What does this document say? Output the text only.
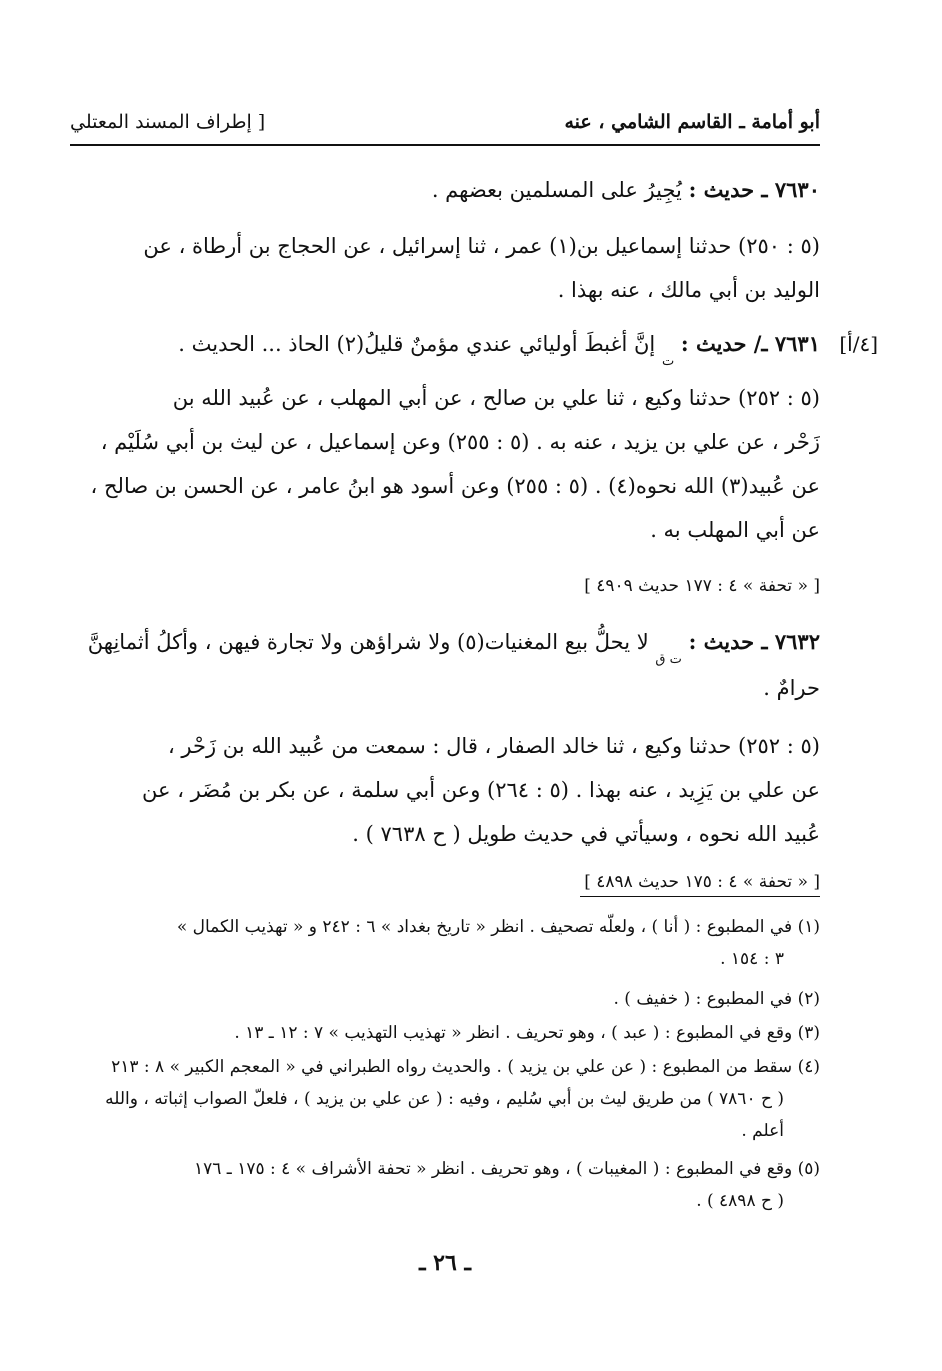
أبو أمامة ـ القاسم الشامي ، عنه
[ إطراف المسند المعتلي
٧٦٣٠ ـ حديث : يُجِيرُ على المسلمين بعضهم .
(٥ : ٢٥٠) حدثنا إسماعيل بن(١) عمر ، ثنا إسرائيل ، عن الحجاج بن أرطاة ، عن
الوليد بن أبي مالك ، عنه بهذا .
[٤/أ]
٧٦٣١ ـ/ حديث : $_ت$ إنَّ أغبطَ أوليائي عندي مؤمنٌ قليلُ(٢) الحاذ ... الحديث .
(٥ : ٢٥٢) حدثنا وكيع ، ثنا علي بن صالح ، عن أبي المهلب ، عن عُبيد الله بن
زَحْر ، عن علي بن يزيد ، عنه به . (٥ : ٢٥٥) وعن إسماعيل ، عن ليث بن أبي سُلَيْم ،
عن عُبيد(٣) الله نحوه(٤) . (٥ : ٢٥٥) وعن أسود هو ابنُ عامر ، عن الحسن بن صالح ،
عن أبي المهلب به .
[ « تحفة » ٤ : ١٧٧ حديث ٤٩٠٩ ]
٧٦٣٢ ـ حديث : $_{ت ق}$ لا يحلُّ بيع المغنيات(٥) ولا شراؤهن ولا تجارة فيهن ، وأكلُ أثمانِهنَّ
حرامٌ .
(٥ : ٢٥٢) حدثنا وكيع ، ثنا خالد الصفار ، قال : سمعت من عُبيد الله بن زَحْر ،
عن علي بن يَزِيد ، عنه بهذا . (٥ : ٢٦٤) وعن أبي سلمة ، عن بكر بن مُضَر ، عن
عُبيد الله نحوه ، وسيأتي في حديث طويل ( ح ٧٦٣٨ ) .
[ « تحفة » ٤ : ١٧٥ حديث ٤٨٩٨ ]
(١) في المطبوع : ( أنا ) ، ولعلّه تصحيف . انظر « تاريخ بغداد » ٦ : ٢٤٢ و « تهذيب الكمال »
٣ : ١٥٤ .
(٢) في المطبوع : ( خفيف ) .
(٣) وقع في المطبوع : ( عبد ) ، وهو تحريف . انظر « تهذيب التهذيب » ٧ : ١٢ ـ ١٣ .
(٤) سقط من المطبوع : ( عن علي بن يزيد ) . والحديث رواه الطبراني في « المعجم الكبير » ٨ : ٢١٣
( ح ٧٨٦٠ ) من طريق ليث بن أبي سُليم ، وفيه : ( عن علي بن يزيد ) ، فلعلّ الصواب إثباته ، والله
أعلم .
(٥) وقع في المطبوع : ( المغيبات ) ، وهو تحريف . انظر « تحفة الأشراف » ٤ : ١٧٥ ـ ١٧٦
( ح ٤٨٩٨ ) .
ـ ٢٦ ـ
